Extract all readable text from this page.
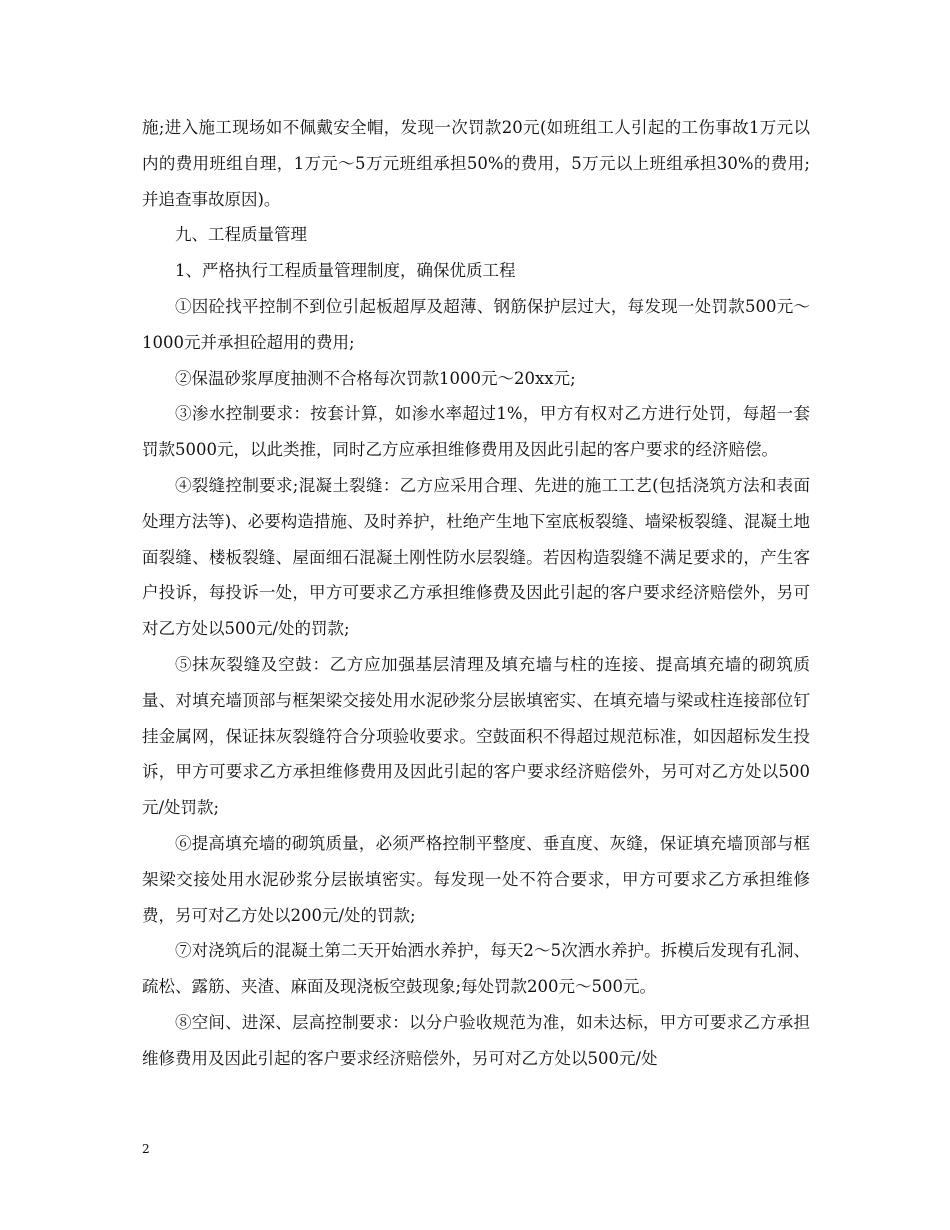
施;进入施工现场如不佩戴安全帽，发现一次罚款20元(如班组工人引起的工伤事故1万元以内的费用班组自理，1万元～5万元班组承担50%的费用，5万元以上班组承担30%的费用;并追查事故原因)。

九、工程质量管理

1、严格执行工程质量管理制度，确保优质工程

①因砼找平控制不到位引起板超厚及超薄、钢筋保护层过大，每发现一处罚款500元～1000元并承担砼超用的费用;

②保温砂浆厚度抽测不合格每次罚款1000元～20xx元;

③渗水控制要求：按套计算，如渗水率超过1%，甲方有权对乙方进行处罚，每超一套罚款5000元，以此类推，同时乙方应承担维修费用及因此引起的客户要求的经济赔偿。

④裂缝控制要求;混凝土裂缝：乙方应采用合理、先进的施工工艺(包括浇筑方法和表面处理方法等)、必要构造措施、及时养护，杜绝产生地下室底板裂缝、墙梁板裂缝、混凝土地面裂缝、楼板裂缝、屋面细石混凝土刚性防水层裂缝。若因构造裂缝不满足要求的，产生客户投诉，每投诉一处，甲方可要求乙方承担维修费及因此引起的客户要求经济赔偿外，另可对乙方处以500元/处的罚款;

⑤抹灰裂缝及空鼓：乙方应加强基层清理及填充墙与柱的连接、提高填充墙的砌筑质量、对填充墙顶部与框架梁交接处用水泥砂浆分层嵌填密实、在填充墙与梁或柱连接部位钉挂金属网，保证抹灰裂缝符合分项验收要求。空鼓面积不得超过规范标准，如因超标发生投诉，甲方可要求乙方承担维修费用及因此引起的客户要求经济赔偿外，另可对乙方处以500元/处罚款;

⑥提高填充墙的砌筑质量，必须严格控制平整度、垂直度、灰缝，保证填充墙顶部与框架梁交接处用水泥砂浆分层嵌填密实。每发现一处不符合要求，甲方可要求乙方承担维修费，另可对乙方处以200元/处的罚款;

⑦对浇筑后的混凝土第二天开始洒水养护，每天2～5次洒水养护。拆模后发现有孔洞、疏松、露筋、夹渣、麻面及现浇板空鼓现象;每处罚款200元～500元。

⑧空间、进深、层高控制要求：以分户验收规范为准，如未达标，甲方可要求乙方承担维修费用及因此引起的客户要求经济赔偿外，另可对乙方处以500元/处

2
